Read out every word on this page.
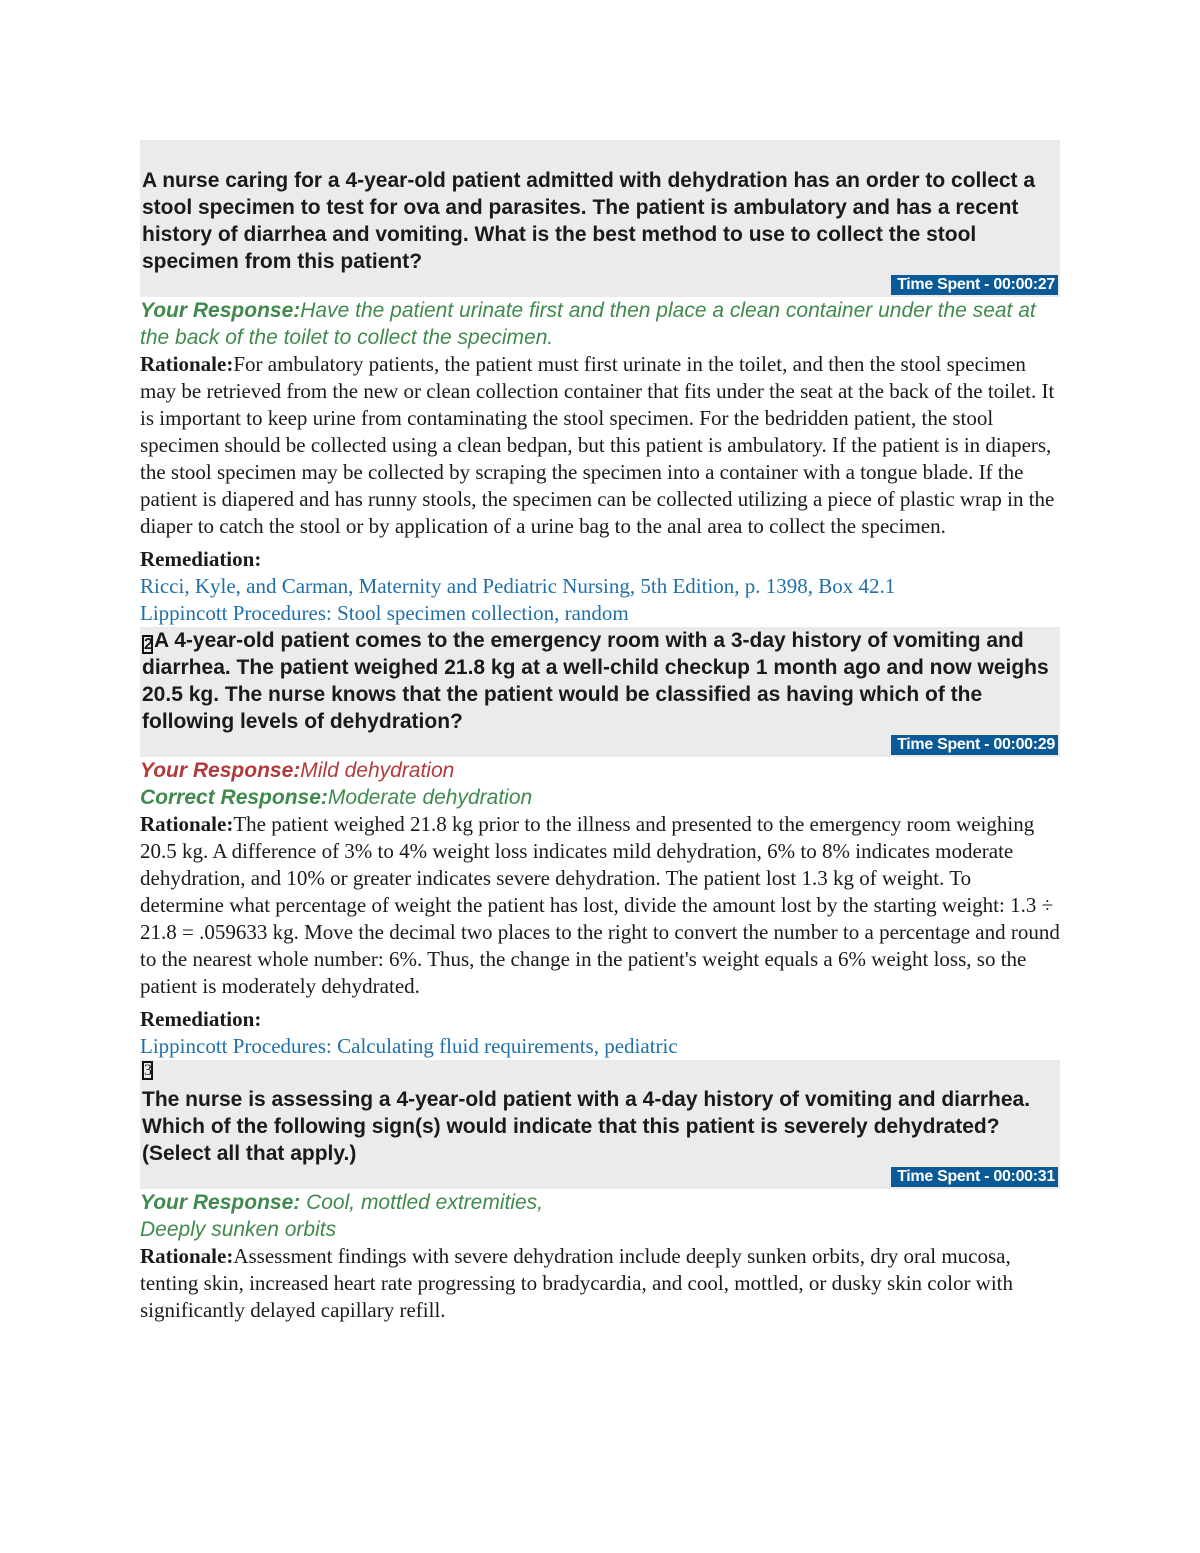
A nurse caring for a 4-year-old patient admitted with dehydration has an order to collect a stool specimen to test for ova and parasites. The patient is ambulatory and has a recent history of diarrhea and vomiting. What is the best method to use to collect the stool specimen from this patient?

Time Spent - 00:00:27

Your Response:Have the patient urinate first and then place a clean container under the seat at the back of the toilet to collect the specimen.

Rationale:For ambulatory patients, the patient must first urinate in the toilet, and then the stool specimen may be retrieved from the new or clean collection container that fits under the seat at the back of the toilet. It is important to keep urine from contaminating the stool specimen. For the bedridden patient, the stool specimen should be collected using a clean bedpan, but this patient is ambulatory. If the patient is in diapers, the stool specimen may be collected by scraping the specimen into a container with a tongue blade. If the patient is diapered and has runny stools, the specimen can be collected utilizing a piece of plastic wrap in the diaper to catch the stool or by application of a urine bag to the anal area to collect the specimen.

Remediation:

Ricci, Kyle, and Carman, Maternity and Pediatric Nursing, 5th Edition, p. 1398, Box 42.1

Lippincott Procedures: Stool specimen collection, random

2A 4-year-old patient comes to the emergency room with a 3-day history of vomiting and diarrhea. The patient weighed 21.8 kg at a well-child checkup 1 month ago and now weighs 20.5 kg. The nurse knows that the patient would be classified as having which of the following levels of dehydration?

Time Spent - 00:00:29

Your Response:Mild dehydration

Correct Response:Moderate dehydration

Rationale:The patient weighed 21.8 kg prior to the illness and presented to the emergency room weighing 20.5 kg. A difference of 3% to 4% weight loss indicates mild dehydration, 6% to 8% indicates moderate dehydration, and 10% or greater indicates severe dehydration. The patient lost 1.3 kg of weight. To determine what percentage of weight the patient has lost, divide the amount lost by the starting weight: 1.3 ÷ 21.8 = .059633 kg. Move the decimal two places to the right to convert the number to a percentage and round to the nearest whole number: 6%. Thus, the change in the patient's weight equals a 6% weight loss, so the patient is moderately dehydrated.

Remediation:

Lippincott Procedures: Calculating fluid requirements, pediatric

3

The nurse is assessing a 4-year-old patient with a 4-day history of vomiting and diarrhea. Which of the following sign(s) would indicate that this patient is severely dehydrated? (Select all that apply.)

Time Spent - 00:00:31

Your Response: Cool, mottled extremities,

Deeply sunken orbits

Rationale:Assessment findings with severe dehydration include deeply sunken orbits, dry oral mucosa, tenting skin, increased heart rate progressing to bradycardia, and cool, mottled, or dusky skin color with significantly delayed capillary refill.
